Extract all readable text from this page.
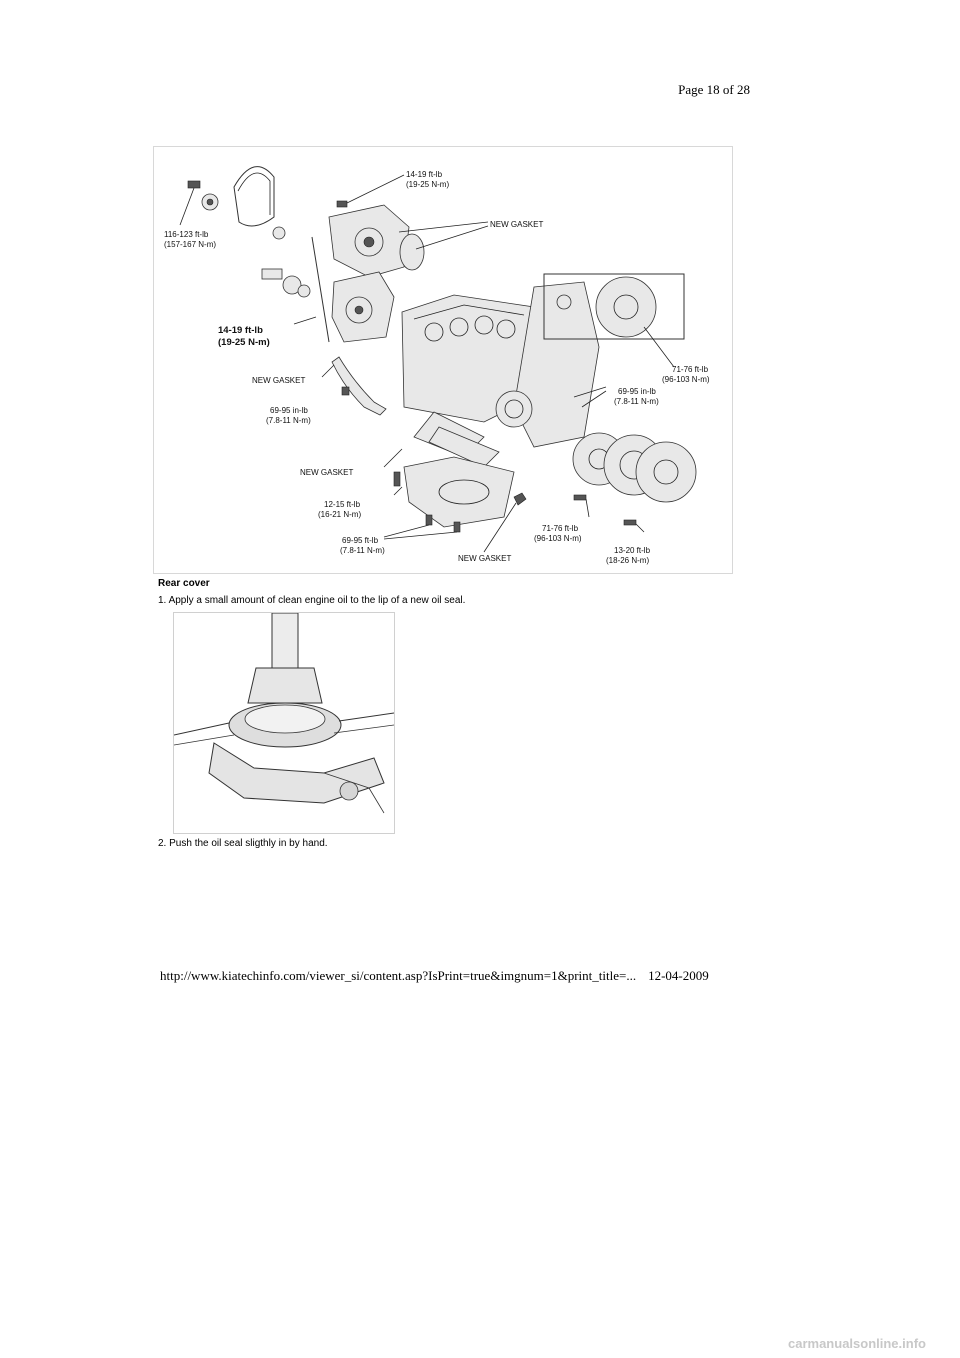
Page 18 of 28
14-19 ft-lb
(19-25 N-m)
NEW GASKET
116-123 ft-lb
(157-167 N-m)
14-19 ft-lb
(19-25 N-m)
NEW GASKET
69-95 in-lb
(7.8-11 N-m)
71-76 ft-lb
(96-103 N-m)
69-95 in-lb
(7.8-11 N-m)
NEW GASKET
12-15 ft-lb
(16-21 N-m)
69-95 ft-lb
(7.8-11 N-m)
NEW GASKET
71-76 ft-lb
(96-103 N-m)
13-20 ft-lb
(18-26 N-m)
Rear cover
1. Apply a small amount of clean engine oil to the lip of a new oil seal.
2. Push the oil seal sligthly in by hand.
http://www.kiatechinfo.com/viewer_si/content.asp?IsPrint=true&imgnum=1&print_title=... 12-04-2009
carmanualsonline.info
